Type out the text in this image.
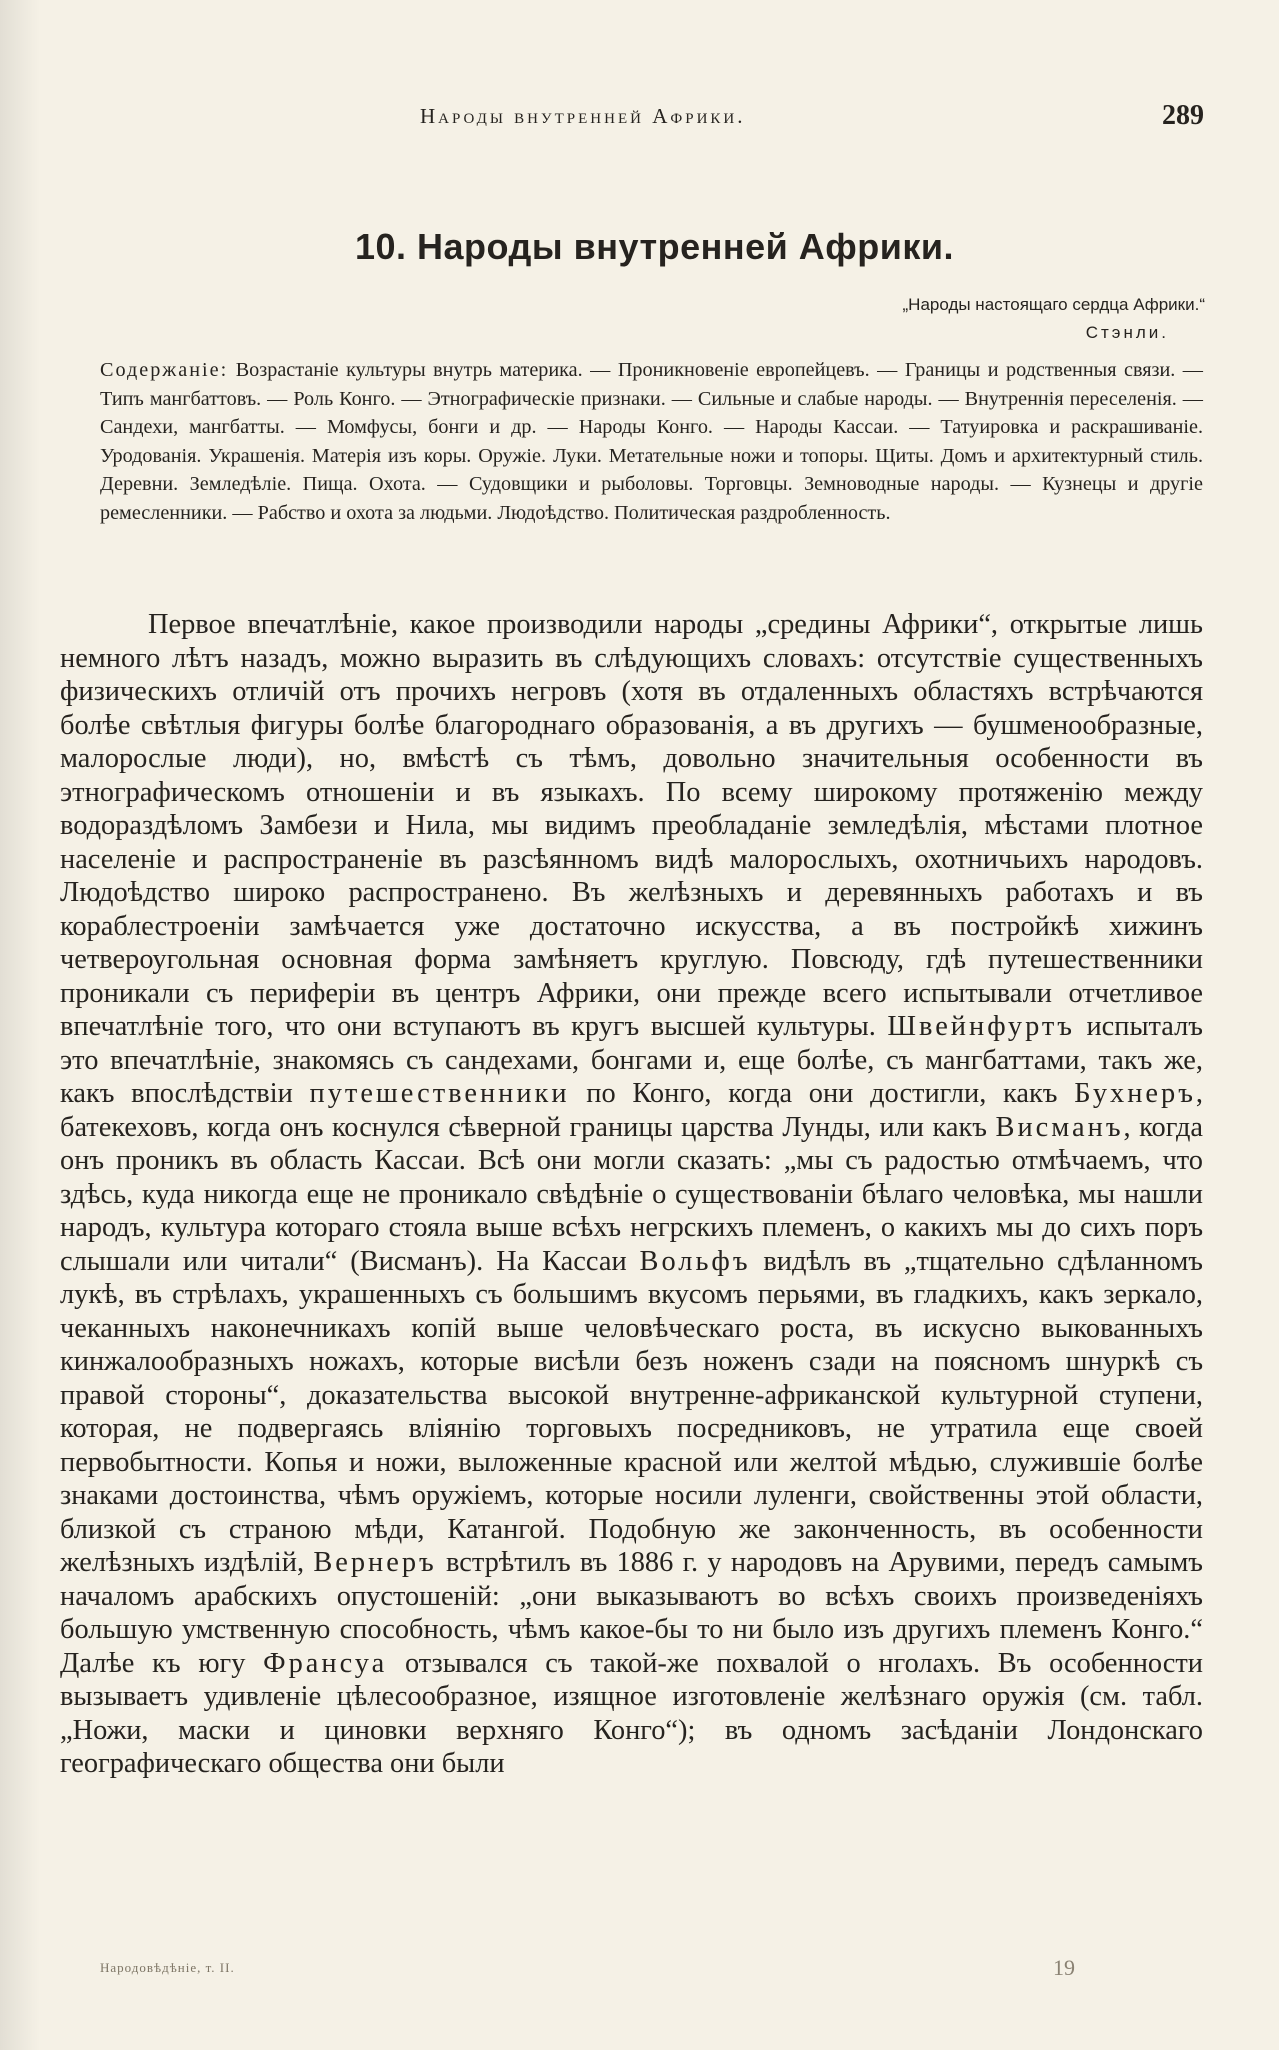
Народы внутренней Африки.	289
10. Народы внутренней Африки.
„Народы настоящаго сердца Африки.“
Стэнли.
Содержаніе: Возрастаніе культуры внутрь материка. — Проникновеніе европейцевъ. — Границы и родственныя связи. — Типъ мангбаттовъ. — Роль Конго. — Этнографическіе признаки. — Сильные и слабые народы. — Внутреннія переселенія. — Сандехи, мангбатты. — Момфусы, бонги и др. — Народы Конго. — Народы Кассаи. — Татуировка и раскрашиваніе. Уродованія. Украшенія. Матерія изъ коры. Оружіе. Луки. Метательные ножи и топоры. Щиты. Домъ и архитектурный стиль. Деревни. Земледѣліе. Пища. Охота. — Судовщики и рыболовы. Торговцы. Земноводные народы. — Кузнецы и другіе ремесленники. — Рабство и охота за людьми. Людоѣдство. Политическая раздробленность.

Первое впечатлѣніе, какое производили народы „средины Африки“, открытые лишь немного лѣтъ назадъ, можно выразить въ слѣдующихъ словахъ: отсутствіе существенныхъ физическихъ отличій отъ прочихъ негровъ (хотя въ отдаленныхъ областяхъ встрѣчаются болѣе свѣтлыя фигуры болѣе благороднаго образованія, а въ другихъ — бушменообразные, малорослые люди), но, вмѣстѣ съ тѣмъ, довольно значительныя особенности въ этнографическомъ отношеніи и въ языкахъ. По всему широкому протяженію между водораздѣломъ Замбези и Нила, мы видимъ преобладаніе земледѣлія, мѣстами плотное населеніе и распространеніе въ разсѣянномъ видѣ малорослыхъ, охотничьихъ народовъ. Людоѣдство широко распространено. Въ желѣзныхъ и деревянныхъ работахъ и въ кораблестроеніи замѣчается уже достаточно искусства, а въ постройкѣ хижинъ четвероугольная основная форма замѣняетъ круглую. Повсюду, гдѣ путешественники проникали съ периферіи въ центръ Африки, они прежде всего испытывали отчетливое впечатлѣніе того, что они вступаютъ въ кругъ высшей культуры. Швейнфуртъ испыталъ это впечатлѣніе, знакомясь съ сандехами, бонгами и, еще болѣе, съ мангбаттами, такъ же, какъ впослѣдствіи путешественники по Конго, когда они достигли, какъ Бухнеръ, батекеховъ, когда онъ коснулся сѣверной границы царства Лунды, или какъ Висманъ, когда онъ проникъ въ область Кассаи. Всѣ они могли сказать: „мы съ радостью отмѣчаемъ, что здѣсь, куда никогда еще не проникало свѣдѣніе о существованіи бѣлаго человѣка, мы нашли народъ, культура котораго стояла выше всѣхъ негрскихъ племенъ, о какихъ мы до сихъ поръ слышали или читали“ (Висманъ). На Кассаи Вольфъ видѣлъ въ „тщательно сдѣланномъ лукѣ, въ стрѣлахъ, украшенныхъ съ большимъ вкусомъ перьями, въ гладкихъ, какъ зеркало, чеканныхъ наконечникахъ копій выше человѣческаго роста, въ искусно выкованныхъ кинжалообразныхъ ножахъ, которые висѣли безъ ноженъ сзади на поясномъ шнуркѣ съ правой стороны“, доказательства высокой внутренне-африканской культурной ступени, которая, не подвергаясь вліянію торговыхъ посредниковъ, не утратила еще своей первобытности. Копья и ножи, выложенные красной или желтой мѣдью, служившіе болѣе знаками достоинства, чѣмъ оружіемъ, которые носили луленги, свойственны этой области, близкой съ страною мѣди, Катангой. Подобную же законченность, въ особенности желѣзныхъ издѣлій, Вернеръ встрѣтилъ въ 1886 г. у народовъ на Арувими, передъ самымъ началомъ арабскихъ опустошеній: „они выказываютъ во всѣхъ своихъ произведеніяхъ большую умственную способность, чѣмъ какое-бы то ни было изъ другихъ племенъ Конго.“ Далѣе къ югу Франсуа отзывался съ такой-же похвалой о нголахъ. Въ особенности вызываетъ удивленіе цѣлесообразное, изящное изготовленіе желѣзнаго оружія (см. табл. „Ножи, маски и циновки верхняго Конго“); въ одномъ засѣданіи Лондонскаго географическаго общества они были

Народовѣдѣніе, т. II.	19
